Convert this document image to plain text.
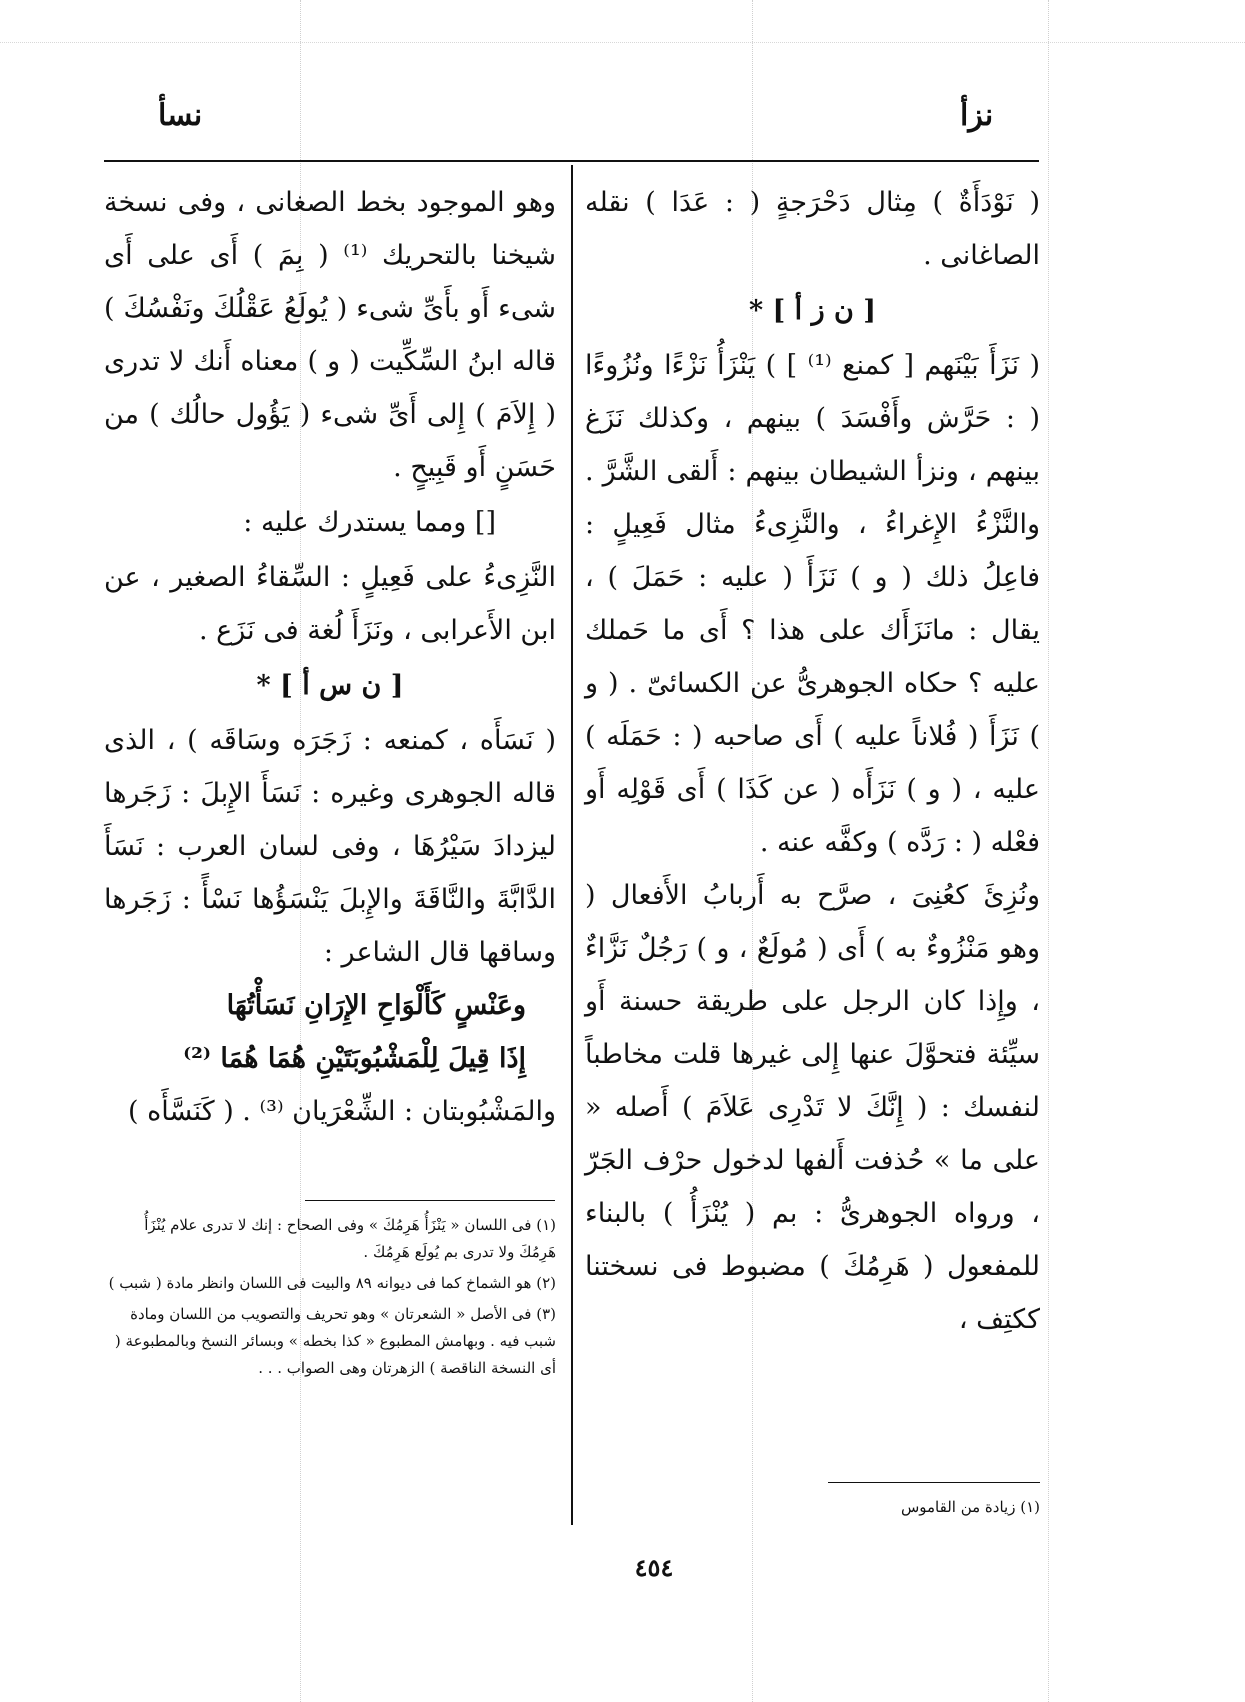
نزأ
نسأ

( نَوْدَأَةٌ ) مِثال دَحْرَجةٍ ( : عَدَا ) نقله الصاغانى .

[ ن ز أ ] *

( نَزَأَ بَيْنَهم [ كمنع ⁽¹⁾ ] ) يَنْزَأُ نَزْءًا ونُزُوءًا ( : حَرَّش وأَفْسَدَ ) بينهم ، وكذلك نَزَغ بينهم ، ونزأ الشيطان بينهم : أَلقى الشَّرَّ . والنَّزْءُ الإِغراءُ ، والنَّزِىءُ مثال فَعِيلٍ : فاعِلُ ذلك ( و ) نَزَأَ ( عليه : حَمَلَ ) ، يقال : مانَزَأَك على هذا ؟ أَى ما حَملك عليه ؟ حكاه الجوهرىُّ عن الكسائىّ . ( و ) نَزَأَ ( فُلاناً عليه ) أَى صاحبه ( : حَمَلَه ) عليه ، ( و ) نَزَأَه ( عن كَذَا ) أَى قَوْلِه أَو فعْله ( : رَدَّه ) وكفَّه عنه .

ونُزِئَ كعُنِىَ ، صرَّح به أَربابُ الأَفعال ( وهو مَنْزُوءٌ به ) أَى ( مُولَعٌ ، و ) رَجُلٌ نَزَّاءٌ ، وإِذا كان الرجل على طريقة حسنة أَو سيِّئة فتحوَّلَ عنها إِلى غيرها قلت مخاطباً لنفسك : ( إِنَّكَ لا تَدْرِى عَلاَمَ ) أَصله « على ما » حُذفت أَلفها لدخول حرْف الجَرّ ، ورواه الجوهرىُّ : بم ( يُنْزَأُ ) بالبناء للمفعول ( هَرِمُكَ ) مضبوط فى نسختنا ككتِف ،

وهو الموجود بخط الصغانى ، وفى نسخة شيخنا بالتحريك ⁽¹⁾ ( بِمَ ) أَى على أَى شىء أَو بأَىِّ شىء ( يُولَعُ عَقْلُكَ ونَفْسُكَ ) قاله ابنُ السِّكِّيت ( و ) معناه أَنك لا تدرى ( إِلاَمَ ) إِلى أَىِّ شىء ( يَؤُول حالُك ) من حَسَنٍ أَو قَبِيحٍ .

[] ومما يستدرك عليه :

النَّزِىءُ على فَعِيلٍ : السِّقاءُ الصغير ، عن ابن الأَعرابى ، ونَزَأَ لُغة فى نَزَع .

[ ن س أ ] *

( نَسَأَه ، كمنعه : زَجَرَه وسَاقَه ) ، الذى قاله الجوهرى وغيره : نَسَأَ الإِبلَ : زَجَرها ليزدادَ سَيْرُهَا ، وفى لسان العرب : نَسَأَ الدَّابَّةَ والنَّاقَةَ والإِبلَ يَنْسَؤُها نَسْأً : زَجَرها وساقها قال الشاعر :

وعَنْسٍ كَأَلْوَاحِ الإِرَانِ نَسَأْتُهَا

إِذَا قِيلَ لِلْمَشْبُوبَتَيْنِ هُمَا هُمَا ⁽²⁾

والمَشْبُوبتان : الشِّعْرَيان ⁽³⁾ . ( كَنَسَّأَه )

(١) فى اللسان « يَنْزَأُ هَرِمُكَ » وفى الصحاح : إنك لا تدرى علام يُنْزَأُ هَرِمُكَ ولا تدرى بم يُولَع هَرِمُكَ .

(٢) هو الشماخ كما فى ديوانه ٨٩ والبيت فى اللسان وانظر مادة ( شبب )

(٣) فى الأصل « الشعرتان » وهو تحريف والتصويب من اللسان ومادة شبب فيه . وبهامش المطبوع « كذا بخطه » وبسائر النسخ وبالمطبوعة ( أى النسخة الناقصة ) الزهرتان وهى الصواب . . .

(١) زيادة من القاموس

٤٥٤
